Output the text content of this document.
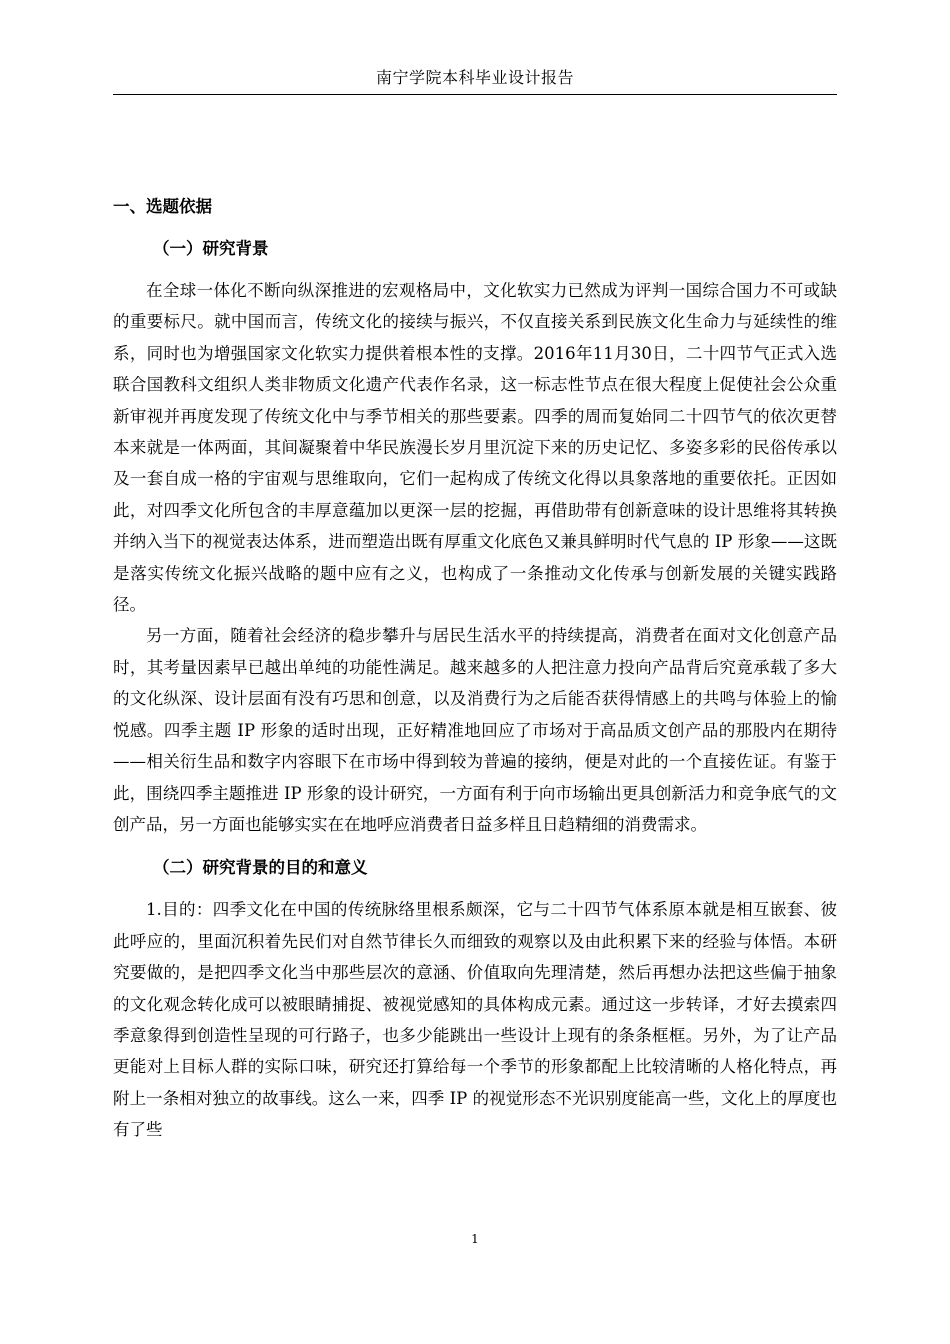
南宁学院本科毕业设计报告
一、选题依据
（一）研究背景

在全球一体化不断向纵深推进的宏观格局中，文化软实力已然成为评判一国综合国力不可或缺的重要标尺。就中国而言，传统文化的接续与振兴，不仅直接关系到民族文化生命力与延续性的维系，同时也为增强国家文化软实力提供着根本性的支撑。2016年11月30日，二十四节气正式入选联合国教科文组织人类非物质文化遗产代表作名录，这一标志性节点在很大程度上促使社会公众重新审视并再度发现了传统文化中与季节相关的那些要素。四季的周而复始同二十四节气的依次更替本来就是一体两面，其间凝聚着中华民族漫长岁月里沉淀下来的历史记忆、多姿多彩的民俗传承以及一套自成一格的宇宙观与思维取向，它们一起构成了传统文化得以具象落地的重要依托。正因如此，对四季文化所包含的丰厚意蕴加以更深一层的挖掘，再借助带有创新意味的设计思维将其转换并纳入当下的视觉表达体系，进而塑造出既有厚重文化底色又兼具鲜明时代气息的 IP 形象——这既是落实传统文化振兴战略的题中应有之义，也构成了一条推动文化传承与创新发展的关键实践路径。

另一方面，随着社会经济的稳步攀升与居民生活水平的持续提高，消费者在面对文化创意产品时，其考量因素早已越出单纯的功能性满足。越来越多的人把注意力投向产品背后究竟承载了多大的文化纵深、设计层面有没有巧思和创意，以及消费行为之后能否获得情感上的共鸣与体验上的愉悦感。四季主题 IP 形象的适时出现，正好精准地回应了市场对于高品质文创产品的那股内在期待——相关衍生品和数字内容眼下在市场中得到较为普遍的接纳，便是对此的一个直接佐证。有鉴于此，围绕四季主题推进 IP 形象的设计研究，一方面有利于向市场输出更具创新活力和竞争底气的文创产品，另一方面也能够实实在在地呼应消费者日益多样且日趋精细的消费需求。

（二）研究背景的目的和意义

1.目的：四季文化在中国的传统脉络里根系颇深，它与二十四节气体系原本就是相互嵌套、彼此呼应的，里面沉积着先民们对自然节律长久而细致的观察以及由此积累下来的经验与体悟。本研究要做的，是把四季文化当中那些层次的意涵、价值取向先理清楚，然后再想办法把这些偏于抽象的文化观念转化成可以被眼睛捕捉、被视觉感知的具体构成元素。通过这一步转译，才好去摸索四季意象得到创造性呈现的可行路子，也多少能跳出一些设计上现有的条条框框。另外，为了让产品更能对上目标人群的实际口味，研究还打算给每一个季节的形象都配上比较清晰的人格化特点，再附上一条相对独立的故事线。这么一来，四季 IP 的视觉形态不光识别度能高一些，文化上的厚度也有了些

1
